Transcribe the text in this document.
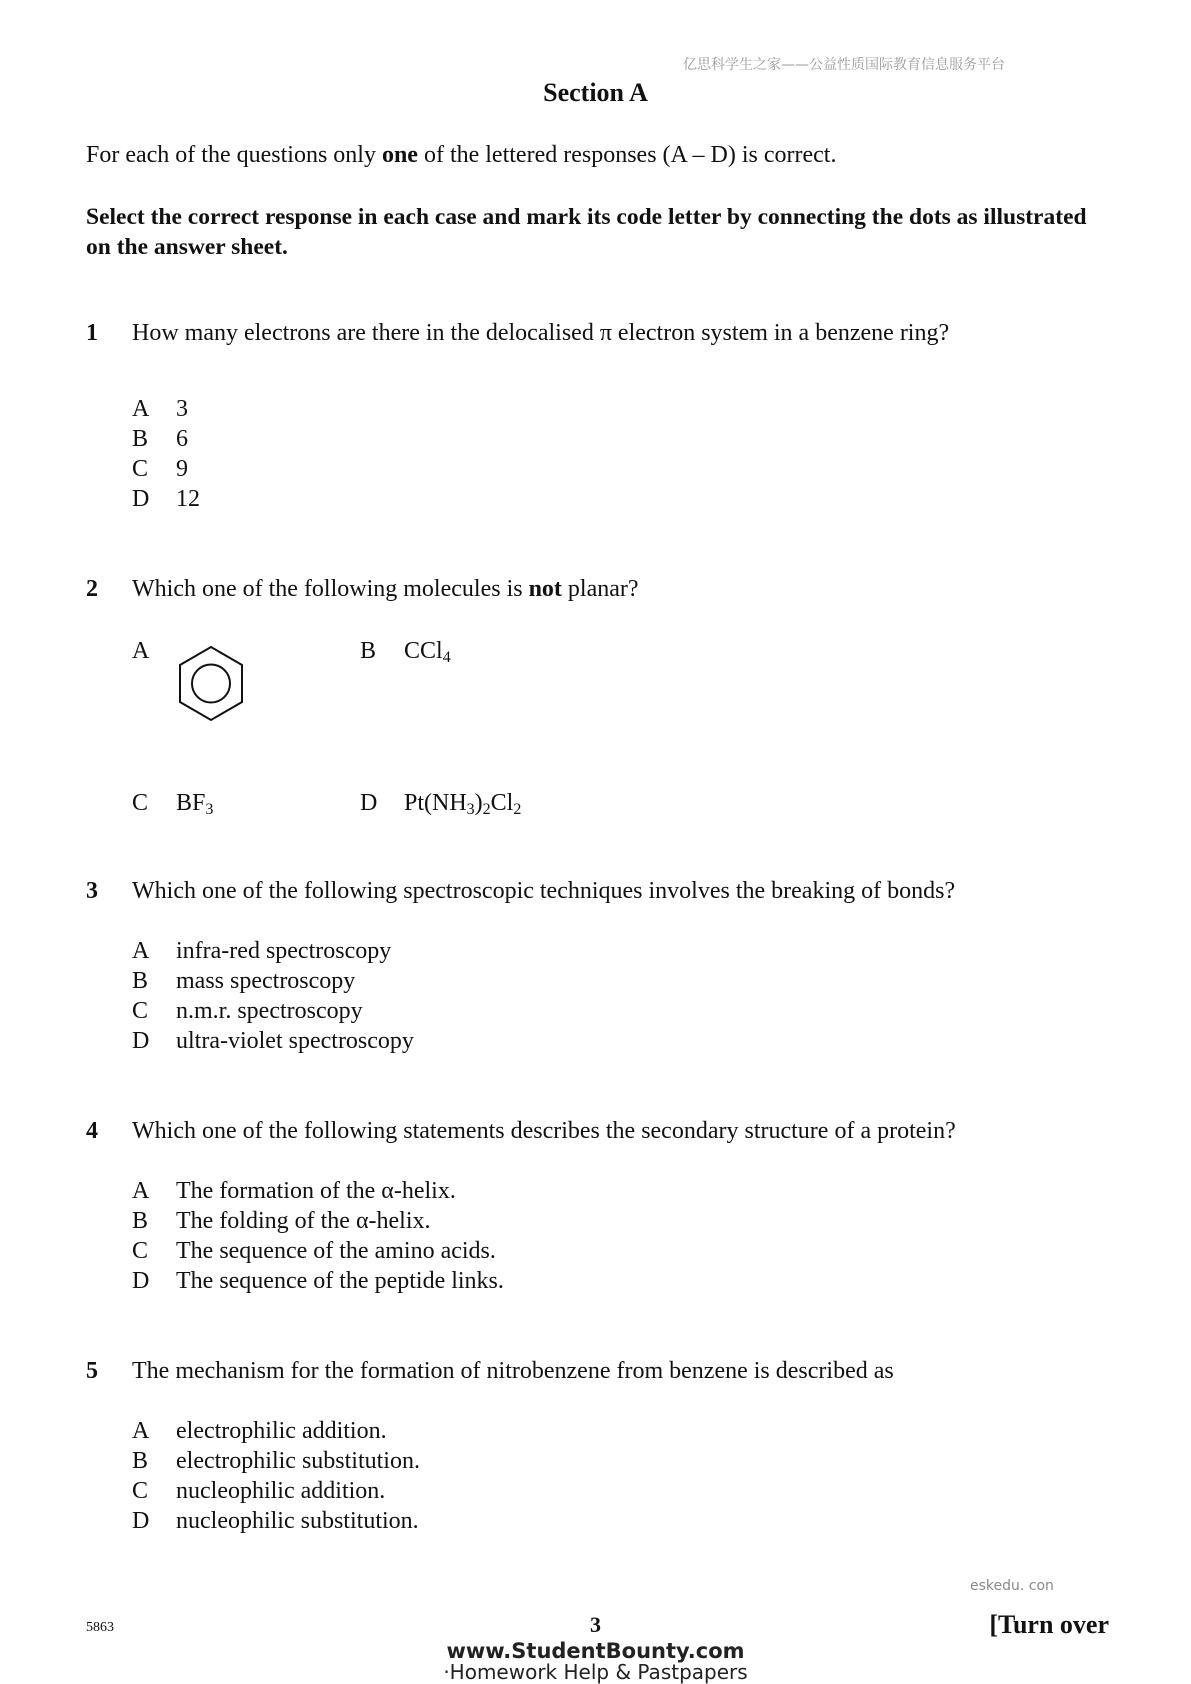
亿思科学生之家——公益性质国际教育信息服务平台
Section A
For each of the questions only one of the lettered responses (A – D) is correct.
Select the correct response in each case and mark its code letter by connecting the dots as illustrated on the answer sheet.
1 How many electrons are there in the delocalised π electron system in a benzene ring?
A 3
B 6
C 9
D 12
2 Which one of the following molecules is not planar?
A	B CCl$_4$
C $BF_3$	D $Pt(NH_3)_2Cl_2$
3 Which one of the following spectroscopic techniques involves the breaking of bonds?
A infra-red spectroscopy
B mass spectroscopy
C n.m.r. spectroscopy
D ultra-violet spectroscopy
4 Which one of the following statements describes the secondary structure of a protein?
A The formation of the α-helix.
B The folding of the α-helix.
C The sequence of the amino acids.
D The sequence of the peptide links.
5 The mechanism for the formation of nitrobenzene from benzene is described as
A electrophilic addition.
B electrophilic substitution.
C nucleophilic addition.
D nucleophilic substitution.
eskedu. con
5863	3	[Turn over
www.StudentBounty.com
·Homework Help & Pastpapers
